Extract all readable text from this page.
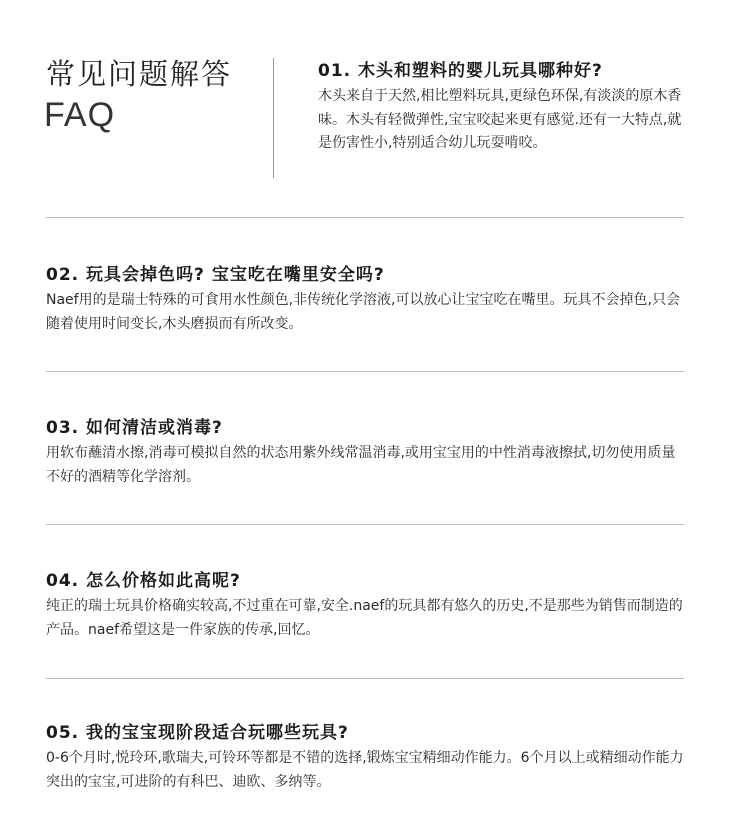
常见问题解答
FAQ

01. 木头和塑料的婴儿玩具哪种好?

木头来自于天然,相比塑料玩具,更绿色环保,有淡淡的原木香味。木头有轻微弹性,宝宝咬起来更有感觉.还有一大特点,就是伤害性小,特别适合幼儿玩耍啃咬。

02. 玩具会掉色吗? 宝宝吃在嘴里安全吗?

Naef用的是瑞士特殊的可食用水性颜色,非传统化学溶液,可以放心让宝宝吃在嘴里。玩具不会掉色,只会随着使用时间变长,木头磨损而有所改变。

03. 如何清洁或消毒?

用软布蘸清水擦,消毒可模拟自然的状态用紫外线常温消毒,或用宝宝用的中性消毒液擦拭,切勿使用质量不好的酒精等化学溶剂。

04. 怎么价格如此高呢?

纯正的瑞士玩具价格确实较高,不过重在可靠,安全.naef的玩具都有悠久的历史,不是那些为销售而制造的产品。naef希望这是一件家族的传承,回忆。

05. 我的宝宝现阶段适合玩哪些玩具?

0-6个月时,悦玲环,歌瑞夫,可铃环等都是不错的选择,锻炼宝宝精细动作能力。6个月以上或精细动作能力突出的宝宝,可进阶的有科巴、迪欧、多纳等。
